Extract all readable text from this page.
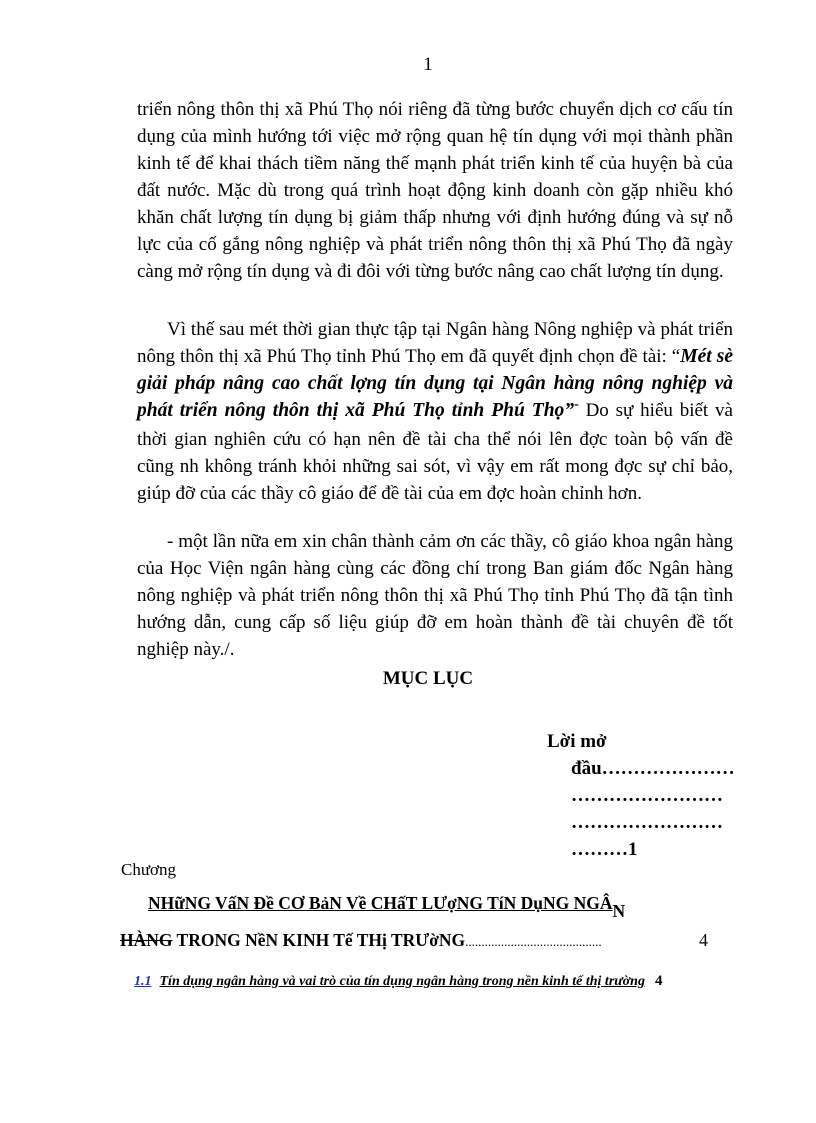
1
triển nông thôn thị xã Phú Thọ nói riêng đã từng bước chuyển dịch cơ cấu tín dụng của mình hướng tới việc mở rộng quan hệ tín dụng với mọi thành phần kinh tế để khai thách tiềm năng thế mạnh phát triển kinh tế của huyện bà của đất nước. Mặc dù trong quá trình hoạt động kinh doanh còn gặp nhiều khó khăn chất lượng tín dụng bị giảm thấp nhưng với định hướng đúng và sự nỗ lực của cố gắng nông nghiệp và phát triển nông thôn thị xã Phú Thọ đã ngày càng mở rộng tín dụng và đi đôi với từng bước nâng cao chất lượng tín dụng.
Vì thế sau mét thời gian thực tập tại Ngân hàng Nông nghiệp và phát triển nông thôn thị xã Phú Thọ tỉnh Phú Thọ em đã quyết định chọn đề tài: “Mét sè giải pháp nâng cao chất lợng tín dụng tại Ngân hàng nông nghiệp và phát triển nông thôn thị xã Phú Thọ tỉnh Phú Thọ”- Do sự hiểu biết và thời gian nghiên cứu có hạn nên đề tài cha thể nói lên đợc toàn bộ vấn đề cũng nh không tránh khỏi những sai sót, vì vậy em rất mong đợc sự chỉ bảo, giúp đỡ của các thầy cô giáo để đề tài của em đợc hoàn chỉnh hơn.
- một lần nữa em xin chân thành cảm ơn các thầy, cô giáo khoa ngân hàng của Học Viện ngân hàng cùng các đồng chí trong Ban giám đốc Ngân hàng nông nghiệp và phát triển nông thôn thị xã Phú Thọ tỉnh Phú Thọ đã tận tình hướng dẫn, cung cấp số liệu giúp đỡ em hoàn thành đề tài chuyên đề tốt nghiệp này./.
MỤC LỤC
Lời mở
đầu…………………
……………………
……………………
………1
Chương
NHữNG VấN Đề CƠ BảN Về CHấT LƯợNG TíN DụNG NGÂN
HÀNG TRONG NềN KINH Tế THị TRƯờNG..........................................	4
1.1 Tín dụng ngân hàng và vai trò của tín dụng ngân hàng trong nền kinh tế thị trường 4
